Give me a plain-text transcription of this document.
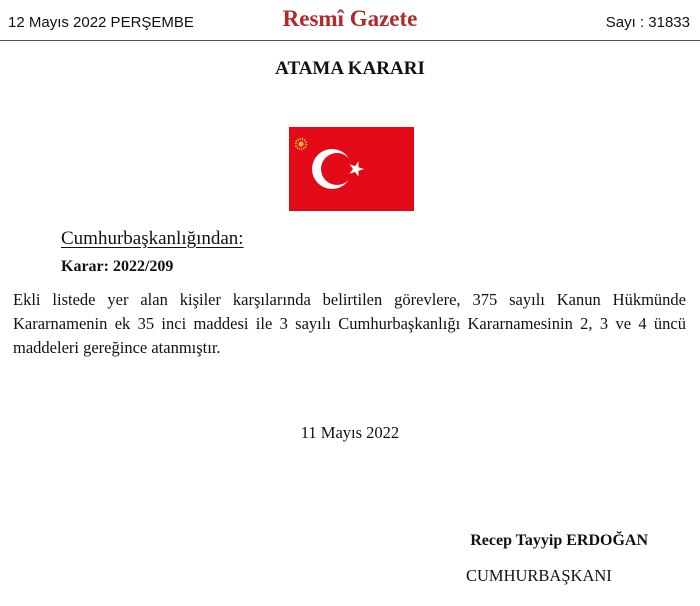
12 Mayıs 2022 PERŞEMBE	Resmî Gazete	Sayı : 31833
ATAMA KARARI
Cumhurbaşkanlığından:
Karar: 2022/209
Ekli listede yer alan kişiler karşılarında belirtilen görevlere, 375 sayılı Kanun Hükmünde Kararnamenin ek 35 inci maddesi ile 3 sayılı Cumhurbaşkanlığı Kararnamesinin 2, 3 ve 4 üncü maddeleri gereğince atanmıştır.
11 Mayıs 2022
Recep Tayyip ERDOĞAN
CUMHURBAŞKANI
